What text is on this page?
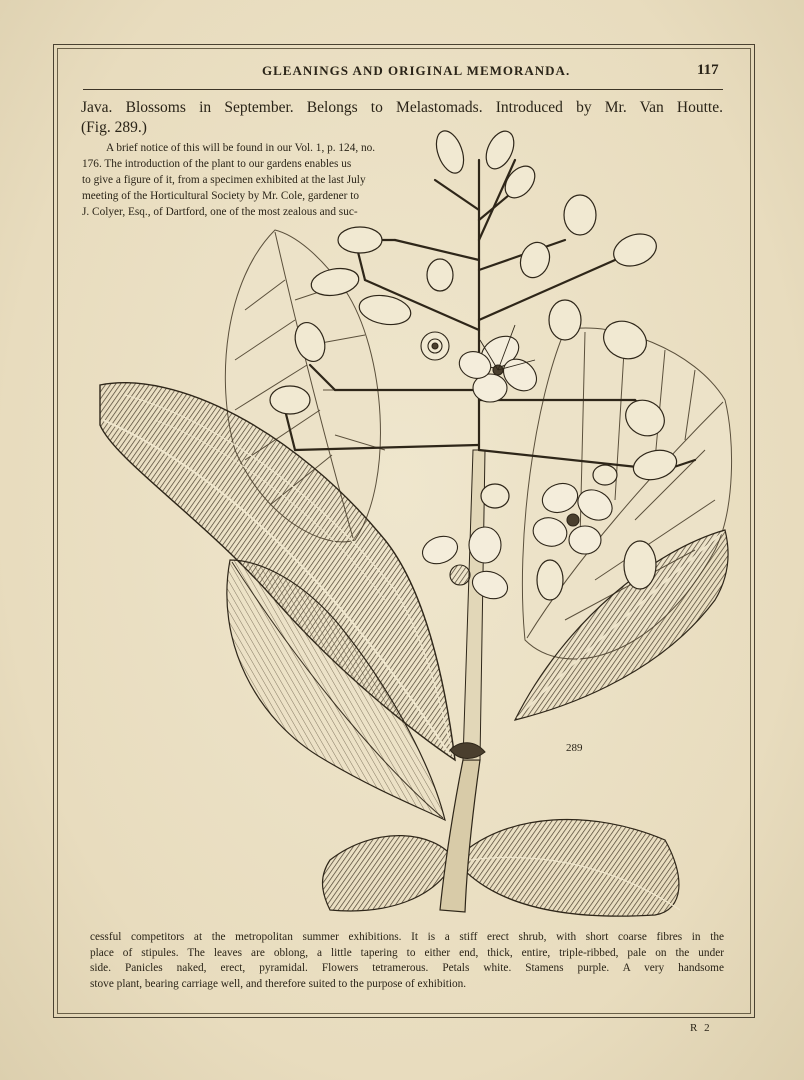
GLEANINGS AND ORIGINAL MEMORANDA.	117
Java. Blossoms in September. Belongs to Melastomads. Introduced by Mr. Van Houtte.
(Fig. 289.)
A brief notice of this will be found in our Vol. 1, p. 124, no.
176. The introduction of the plant to our gardens enables us
to give a figure of it, from a specimen exhibited at the last July
meeting of the Horticultural Society by Mr. Cole, gardener to
J. Colyer, Esq., of Dartford, one of the most zealous and suc-
289
cessful competitors at the metropolitan summer exhibitions. It is a stiff erect shrub, with short coarse fibres in the
place of stipules. The leaves are oblong, a little tapering to either end, thick, entire, triple-ribbed, pale on the under
side. Panicles naked, erect, pyramidal. Flowers tetramerous. Petals white. Stamens purple. A very handsome
stove plant, bearing carriage well, and therefore suited to the purpose of exhibition.
R 2
